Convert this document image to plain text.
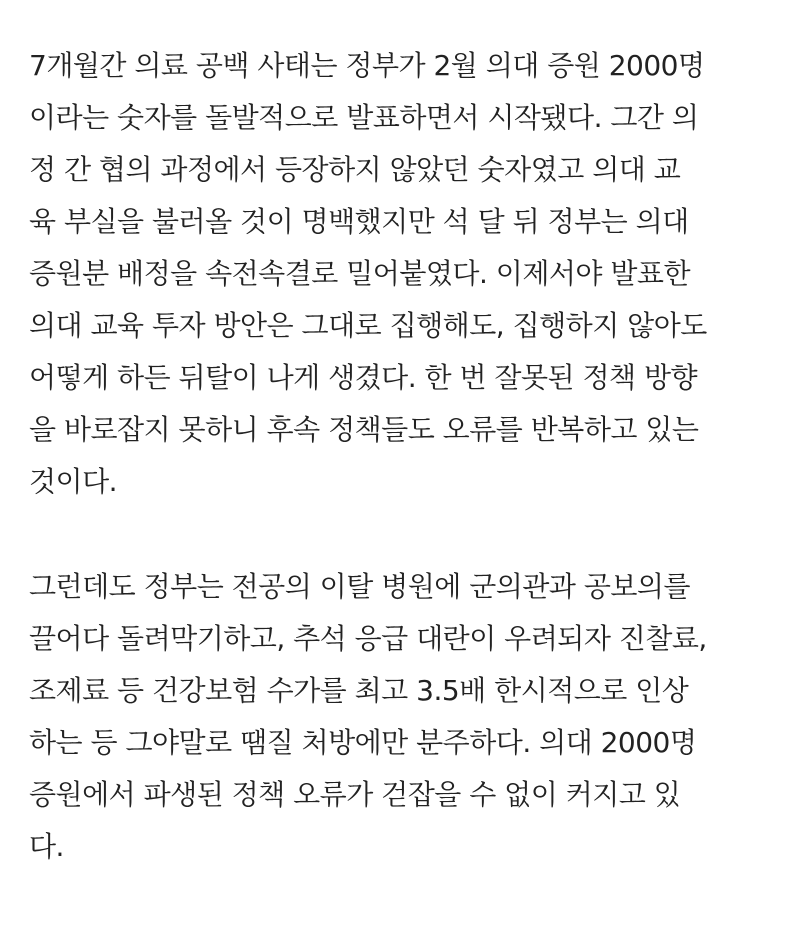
7개월간 의료 공백 사태는 정부가 2월 의대 증원 2000명
이라는 숫자를 돌발적으로 발표하면서 시작됐다. 그간 의
정 간 협의 과정에서 등장하지 않았던 숫자였고 의대 교
육 부실을 불러올 것이 명백했지만 석 달 뒤 정부는 의대
증원분 배정을 속전속결로 밀어붙였다. 이제서야 발표한
의대 교육 투자 방안은 그대로 집행해도, 집행하지 않아도
어떻게 하든 뒤탈이 나게 생겼다. 한 번 잘못된 정책 방향
을 바로잡지 못하니 후속 정책들도 오류를 반복하고 있는
것이다.

그런데도 정부는 전공의 이탈 병원에 군의관과 공보의를
끌어다 돌려막기하고, 추석 응급 대란이 우려되자 진찰료,
조제료 등 건강보험 수가를 최고 3.5배 한시적으로 인상
하는 등 그야말로 땜질 처방에만 분주하다. 의대 2000명
증원에서 파생된 정책 오류가 걷잡을 수 없이 커지고 있
다.
